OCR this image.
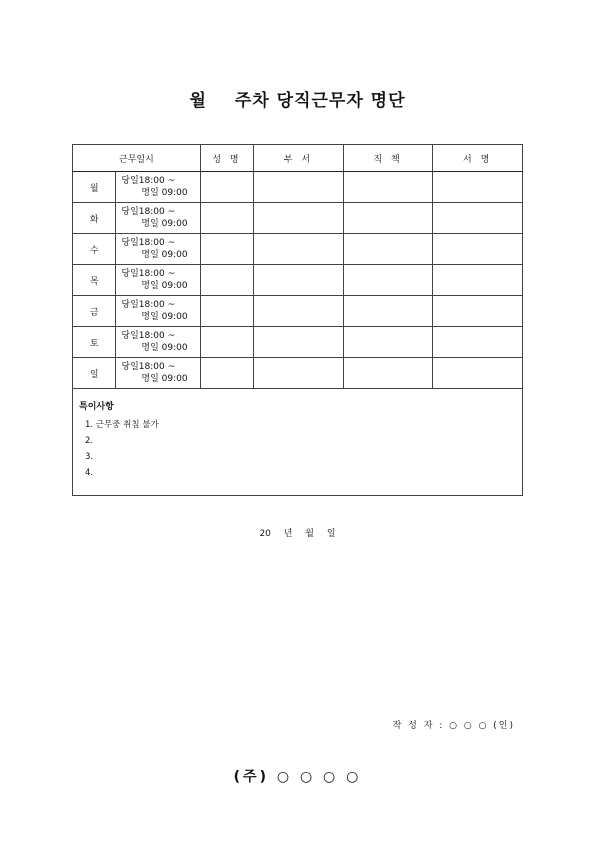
월 주차 당직근무자 명단
근무일시		성 명	부 서	직 책	서 명
월	당일18:00 ~
명일 09:00				

화	당일18:00 ~
명일 09:00				

수	당일18:00 ~
명일 09:00				

목	당일18:00 ~
명일 09:00				

금	당일18:00 ~
명일 09:00				

토	당일18:00 ~
명일 09:00				

일	당일18:00 ~
명일 09:00				

특이사항
1. 근무중 취침 불가
2.
3.
4.					
20 년 월 일
작 성 자 : ○ ○ ○ (인)
(주) ○ ○ ○ ○
